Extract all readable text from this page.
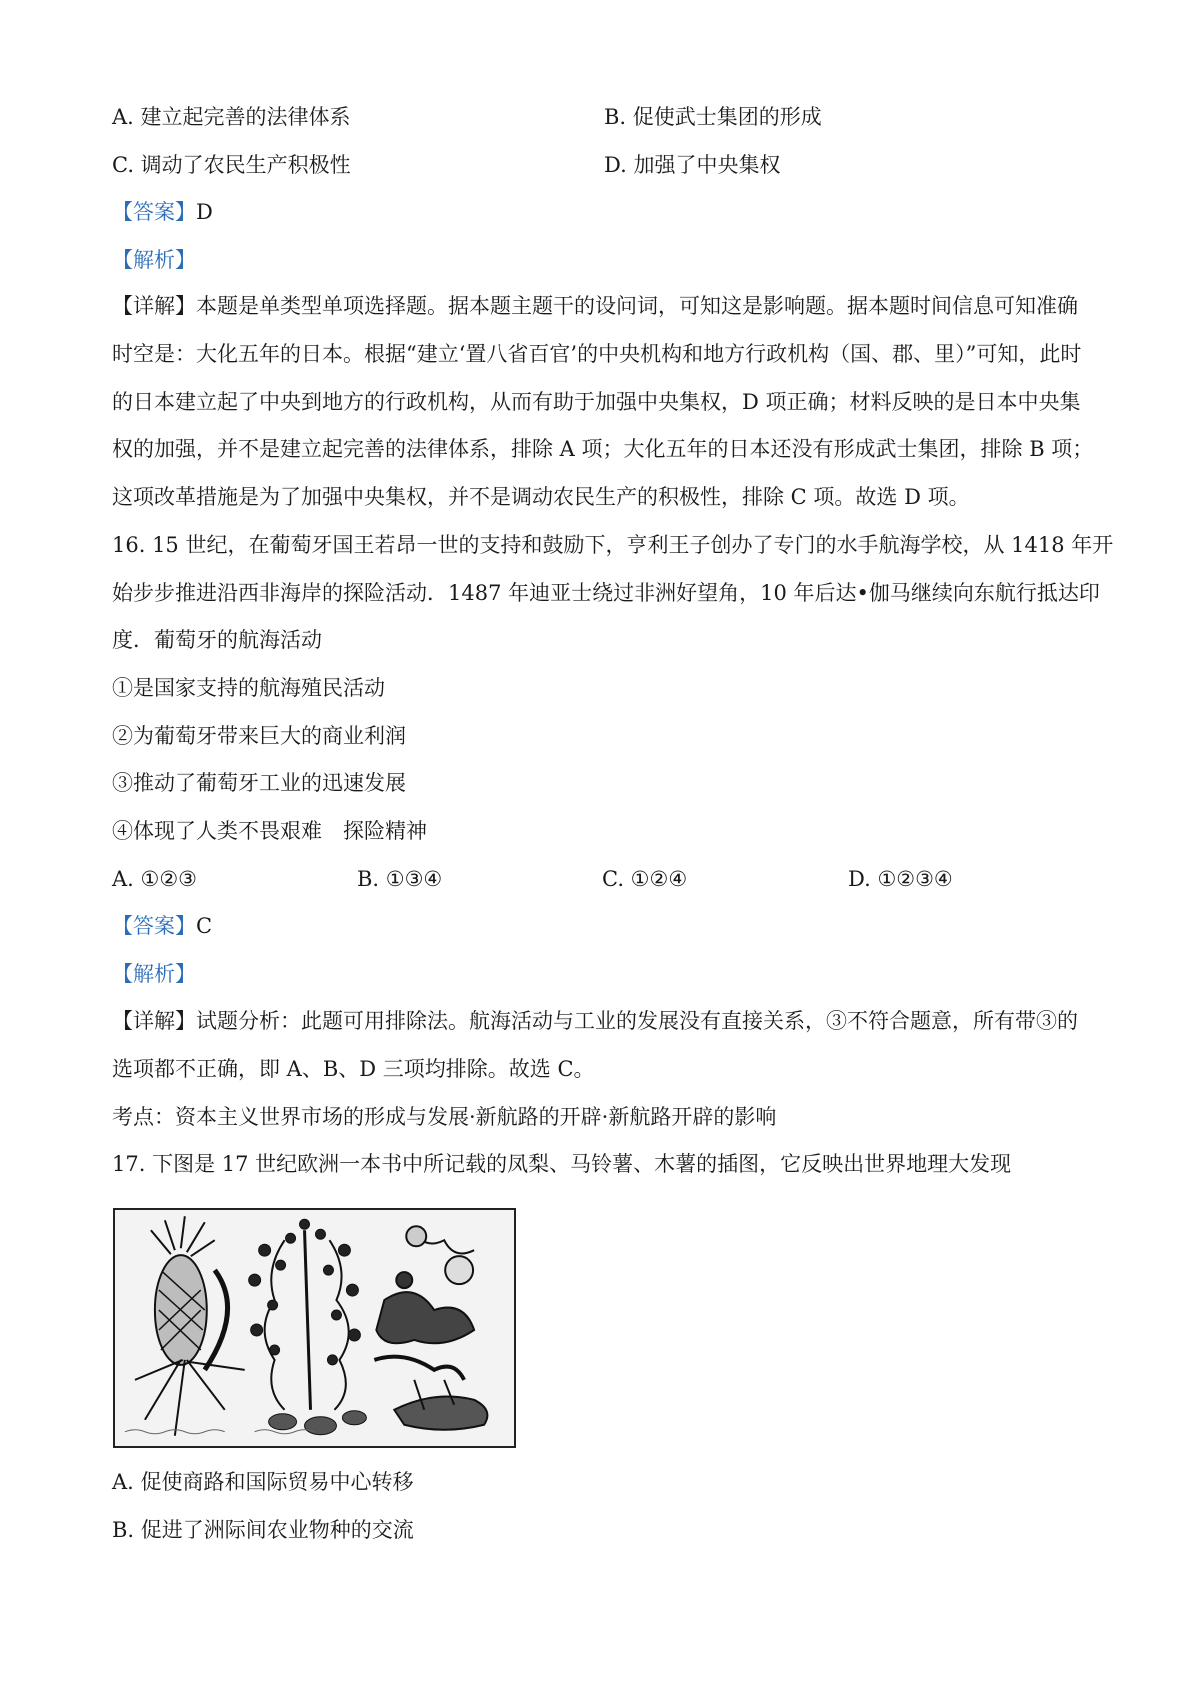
A. 建立起完善的法律体系	B. 促使武士集团的形成
C. 调动了农民生产积极性	D. 加强了中央集权
【答案】D
【解析】
【详解】本题是单类型单项选择题。据本题主题干的设问词，可知这是影响题。据本题时间信息可知准确
时空是：大化五年的日本。根据“建立‘置八省百官’的中央机构和地方行政机构（国、郡、里）”可知，此时
的日本建立起了中央到地方的行政机构，从而有助于加强中央集权，D 项正确；材料反映的是日本中央集
权的加强，并不是建立起完善的法律体系，排除 A 项；大化五年的日本还没有形成武士集团，排除 B 项；
这项改革措施是为了加强中央集权，并不是调动农民生产的积极性，排除 C 项。故选 D 项。
16. 15 世纪，在葡萄牙国王若昂一世的支持和鼓励下，亨利王子创办了专门的水手航海学校，从 1418 年开
始步步推进沿西非海岸的探险活动．1487 年迪亚士绕过非洲好望角，10 年后达•伽马继续向东航行抵达印
度．葡萄牙的航海活动
①是国家支持的航海殖民活动
②为葡萄牙带来巨大的商业利润
③推动了葡萄牙工业的迅速发展
④体现了人类不畏艰难　探险精神
A. ①②③	B. ①③④	C. ①②④	D. ①②③④
【答案】C
【解析】
【详解】试题分析：此题可用排除法。航海活动与工业的发展没有直接关系，③不符合题意，所有带③的
选项都不正确，即 A、B、D 三项均排除。故选 C。
考点：资本主义世界市场的形成与发展·新航路的开辟·新航路开辟的影响
17. 下图是 17 世纪欧洲一本书中所记载的凤梨、马铃薯、木薯的插图，它反映出世界地理大发现
A. 促使商路和国际贸易中心转移
B. 促进了洲际间农业物种的交流
